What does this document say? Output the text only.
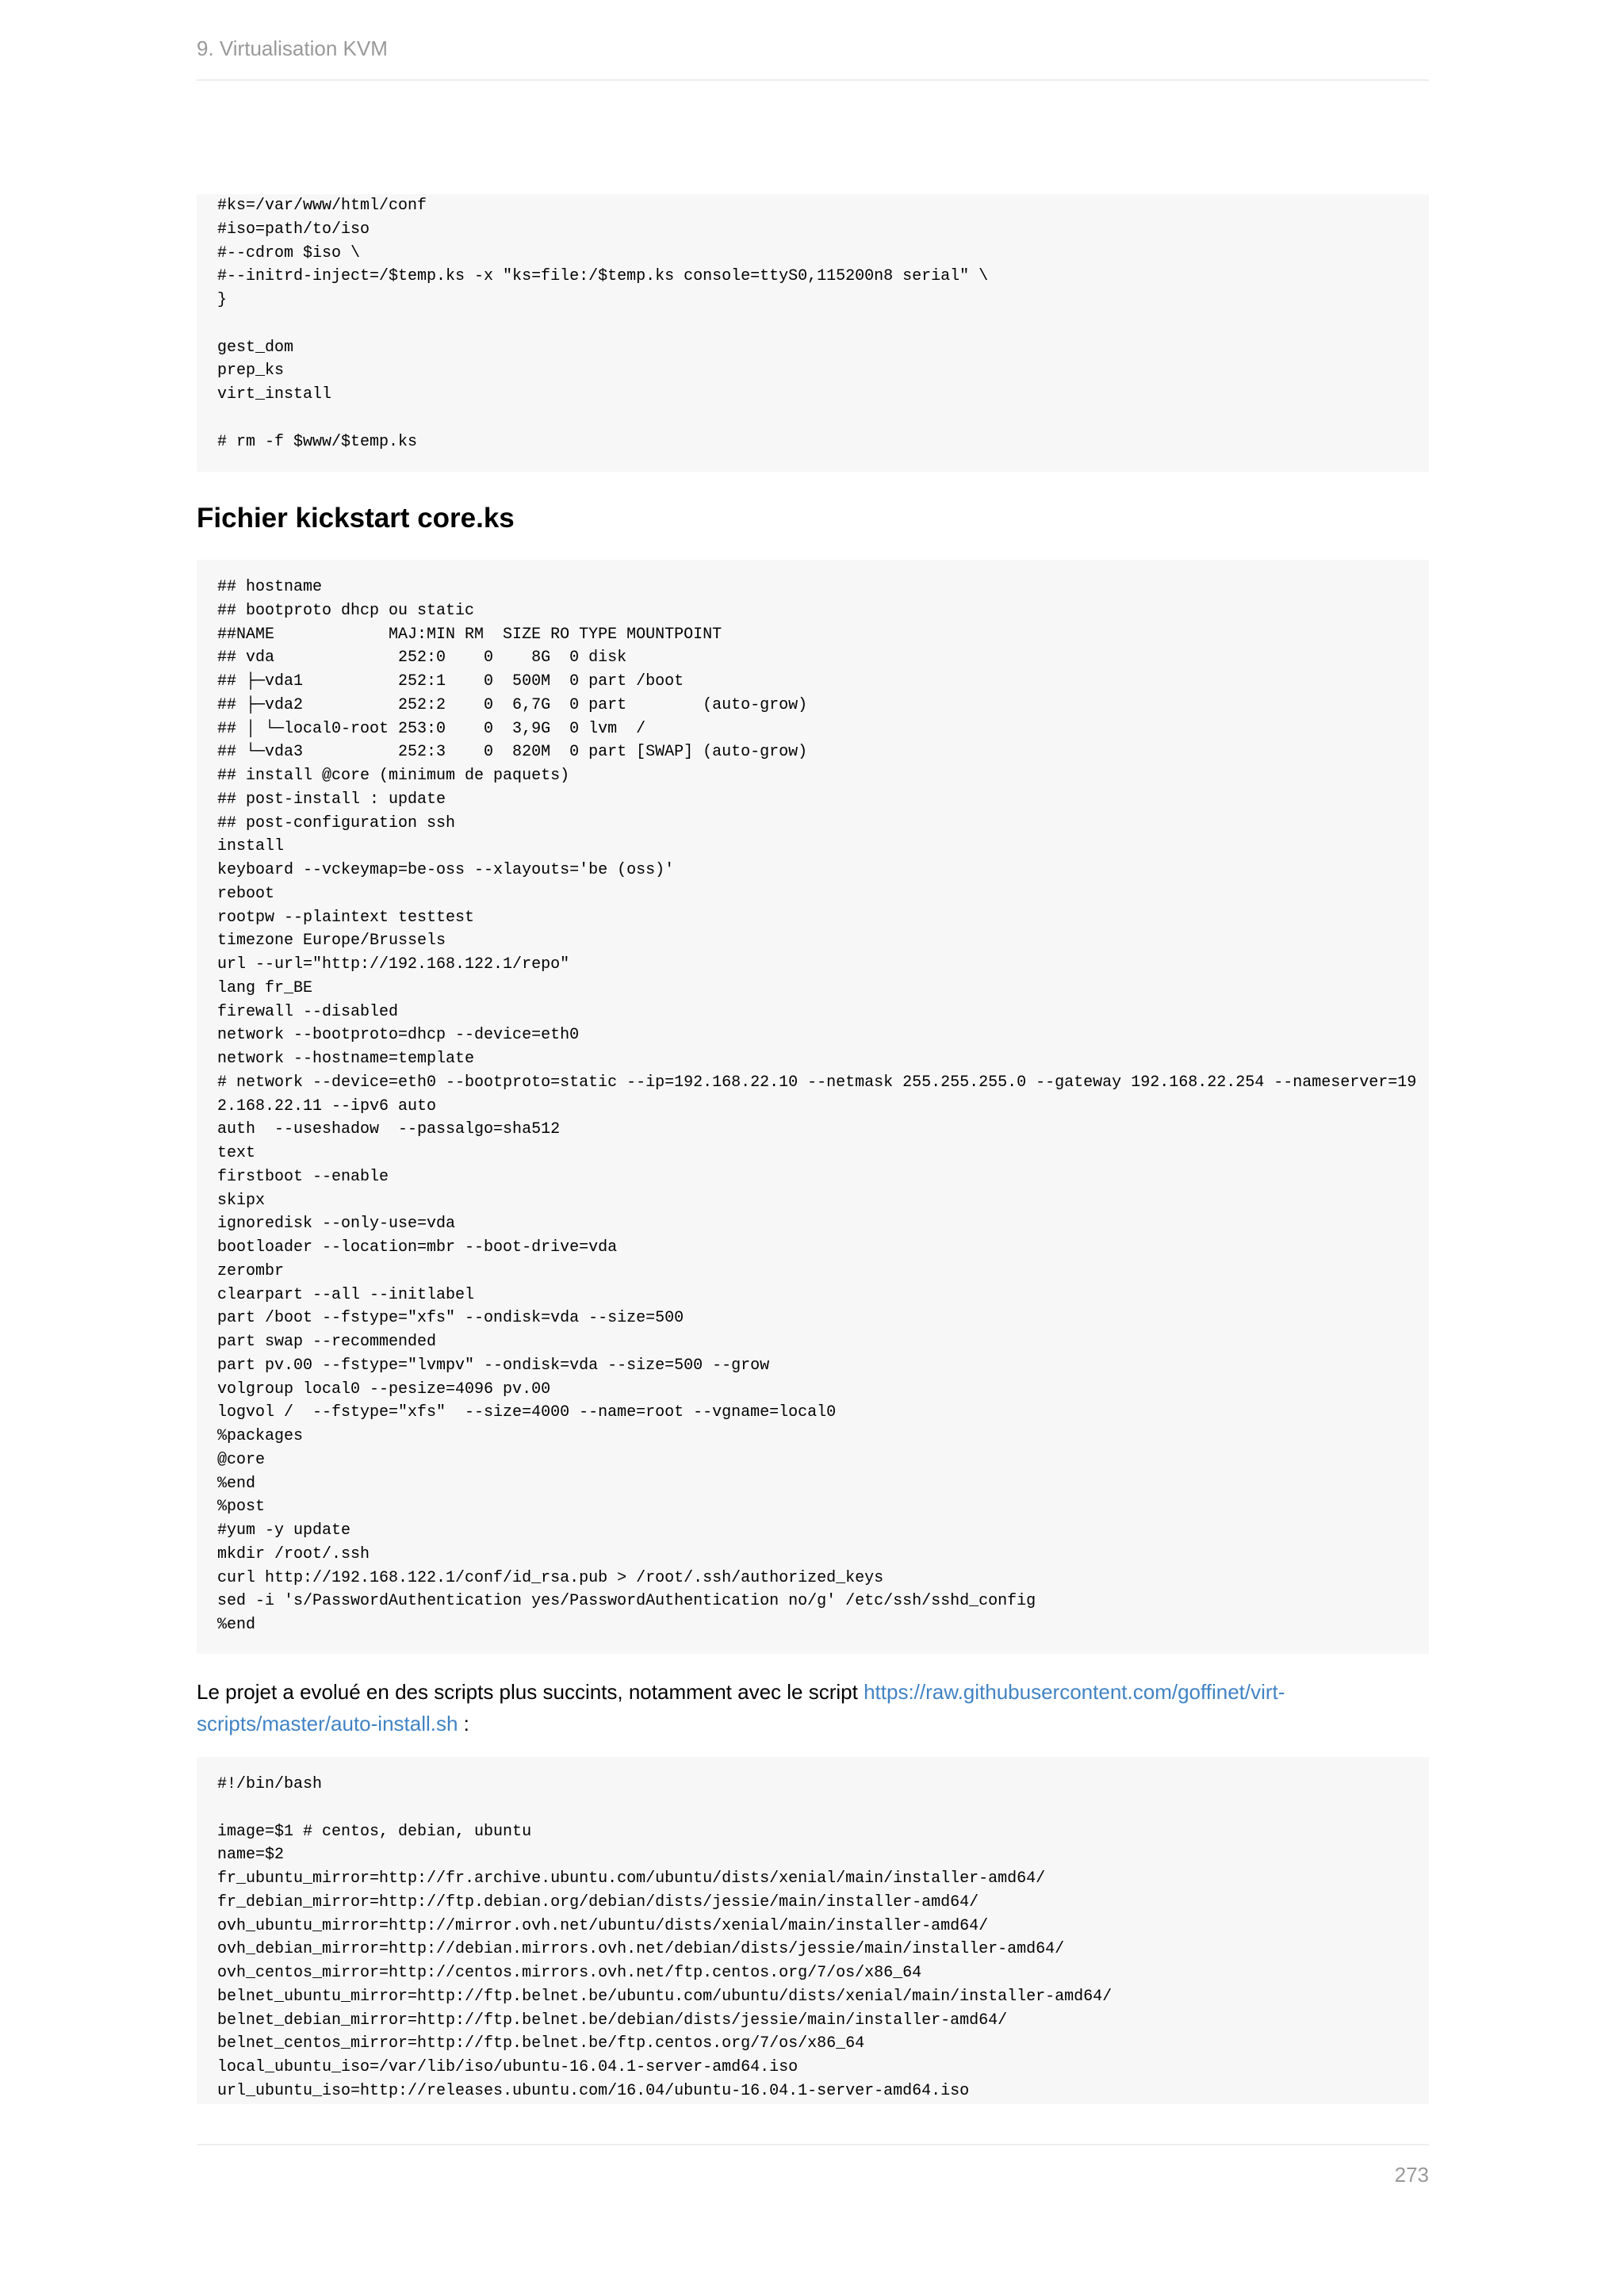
9. Virtualisation KVM
#ks=/var/www/html/conf
#iso=path/to/iso
#--cdrom $iso \
#--initrd-inject=/$temp.ks -x "ks=file:/$temp.ks console=ttyS0,115200n8 serial" \
}

gest_dom
prep_ks
virt_install

# rm -f $www/$temp.ks
Fichier kickstart core.ks
## hostname
## bootproto dhcp ou static
##NAME            MAJ:MIN RM  SIZE RO TYPE MOUNTPOINT
## vda             252:0    0    8G  0 disk
## ├─vda1          252:1    0  500M  0 part /boot
## ├─vda2          252:2    0  6,7G  0 part        (auto-grow)
## │ └─local0-root 253:0    0  3,9G  0 lvm  /
## └─vda3          252:3    0  820M  0 part [SWAP] (auto-grow)
## install @core (minimum de paquets)
## post-install : update
## post-configuration ssh
install
keyboard --vckeymap=be-oss --xlayouts='be (oss)'
reboot
rootpw --plaintext testtest
timezone Europe/Brussels
url --url="http://192.168.122.1/repo"
lang fr_BE
firewall --disabled
network --bootproto=dhcp --device=eth0
network --hostname=template
# network --device=eth0 --bootproto=static --ip=192.168.22.10 --netmask 255.255.255.0 --gateway 192.168.22.254 --nameserver=19
2.168.22.11 --ipv6 auto
auth  --useshadow  --passalgo=sha512
text
firstboot --enable
skipx
ignoredisk --only-use=vda
bootloader --location=mbr --boot-drive=vda
zerombr
clearpart --all --initlabel
part /boot --fstype="xfs" --ondisk=vda --size=500
part swap --recommended
part pv.00 --fstype="lvmpv" --ondisk=vda --size=500 --grow
volgroup local0 --pesize=4096 pv.00
logvol /  --fstype="xfs"  --size=4000 --name=root --vgname=local0
%packages
@core
%end
%post
#yum -y update
mkdir /root/.ssh
curl http://192.168.122.1/conf/id_rsa.pub > /root/.ssh/authorized_keys
sed -i 's/PasswordAuthentication yes/PasswordAuthentication no/g' /etc/ssh/sshd_config
%end

Le projet a evolué en des scripts plus succints, notamment avec le script https://raw.githubusercontent.com/goffinet/virt-scripts/master/auto-install.sh :

#!/bin/bash

image=$1 # centos, debian, ubuntu
name=$2
fr_ubuntu_mirror=http://fr.archive.ubuntu.com/ubuntu/dists/xenial/main/installer-amd64/
fr_debian_mirror=http://ftp.debian.org/debian/dists/jessie/main/installer-amd64/
ovh_ubuntu_mirror=http://mirror.ovh.net/ubuntu/dists/xenial/main/installer-amd64/
ovh_debian_mirror=http://debian.mirrors.ovh.net/debian/dists/jessie/main/installer-amd64/
ovh_centos_mirror=http://centos.mirrors.ovh.net/ftp.centos.org/7/os/x86_64
belnet_ubuntu_mirror=http://ftp.belnet.be/ubuntu.com/ubuntu/dists/xenial/main/installer-amd64/
belnet_debian_mirror=http://ftp.belnet.be/debian/dists/jessie/main/installer-amd64/
belnet_centos_mirror=http://ftp.belnet.be/ftp.centos.org/7/os/x86_64
local_ubuntu_iso=/var/lib/iso/ubuntu-16.04.1-server-amd64.iso
url_ubuntu_iso=http://releases.ubuntu.com/16.04/ubuntu-16.04.1-server-amd64.iso
273
